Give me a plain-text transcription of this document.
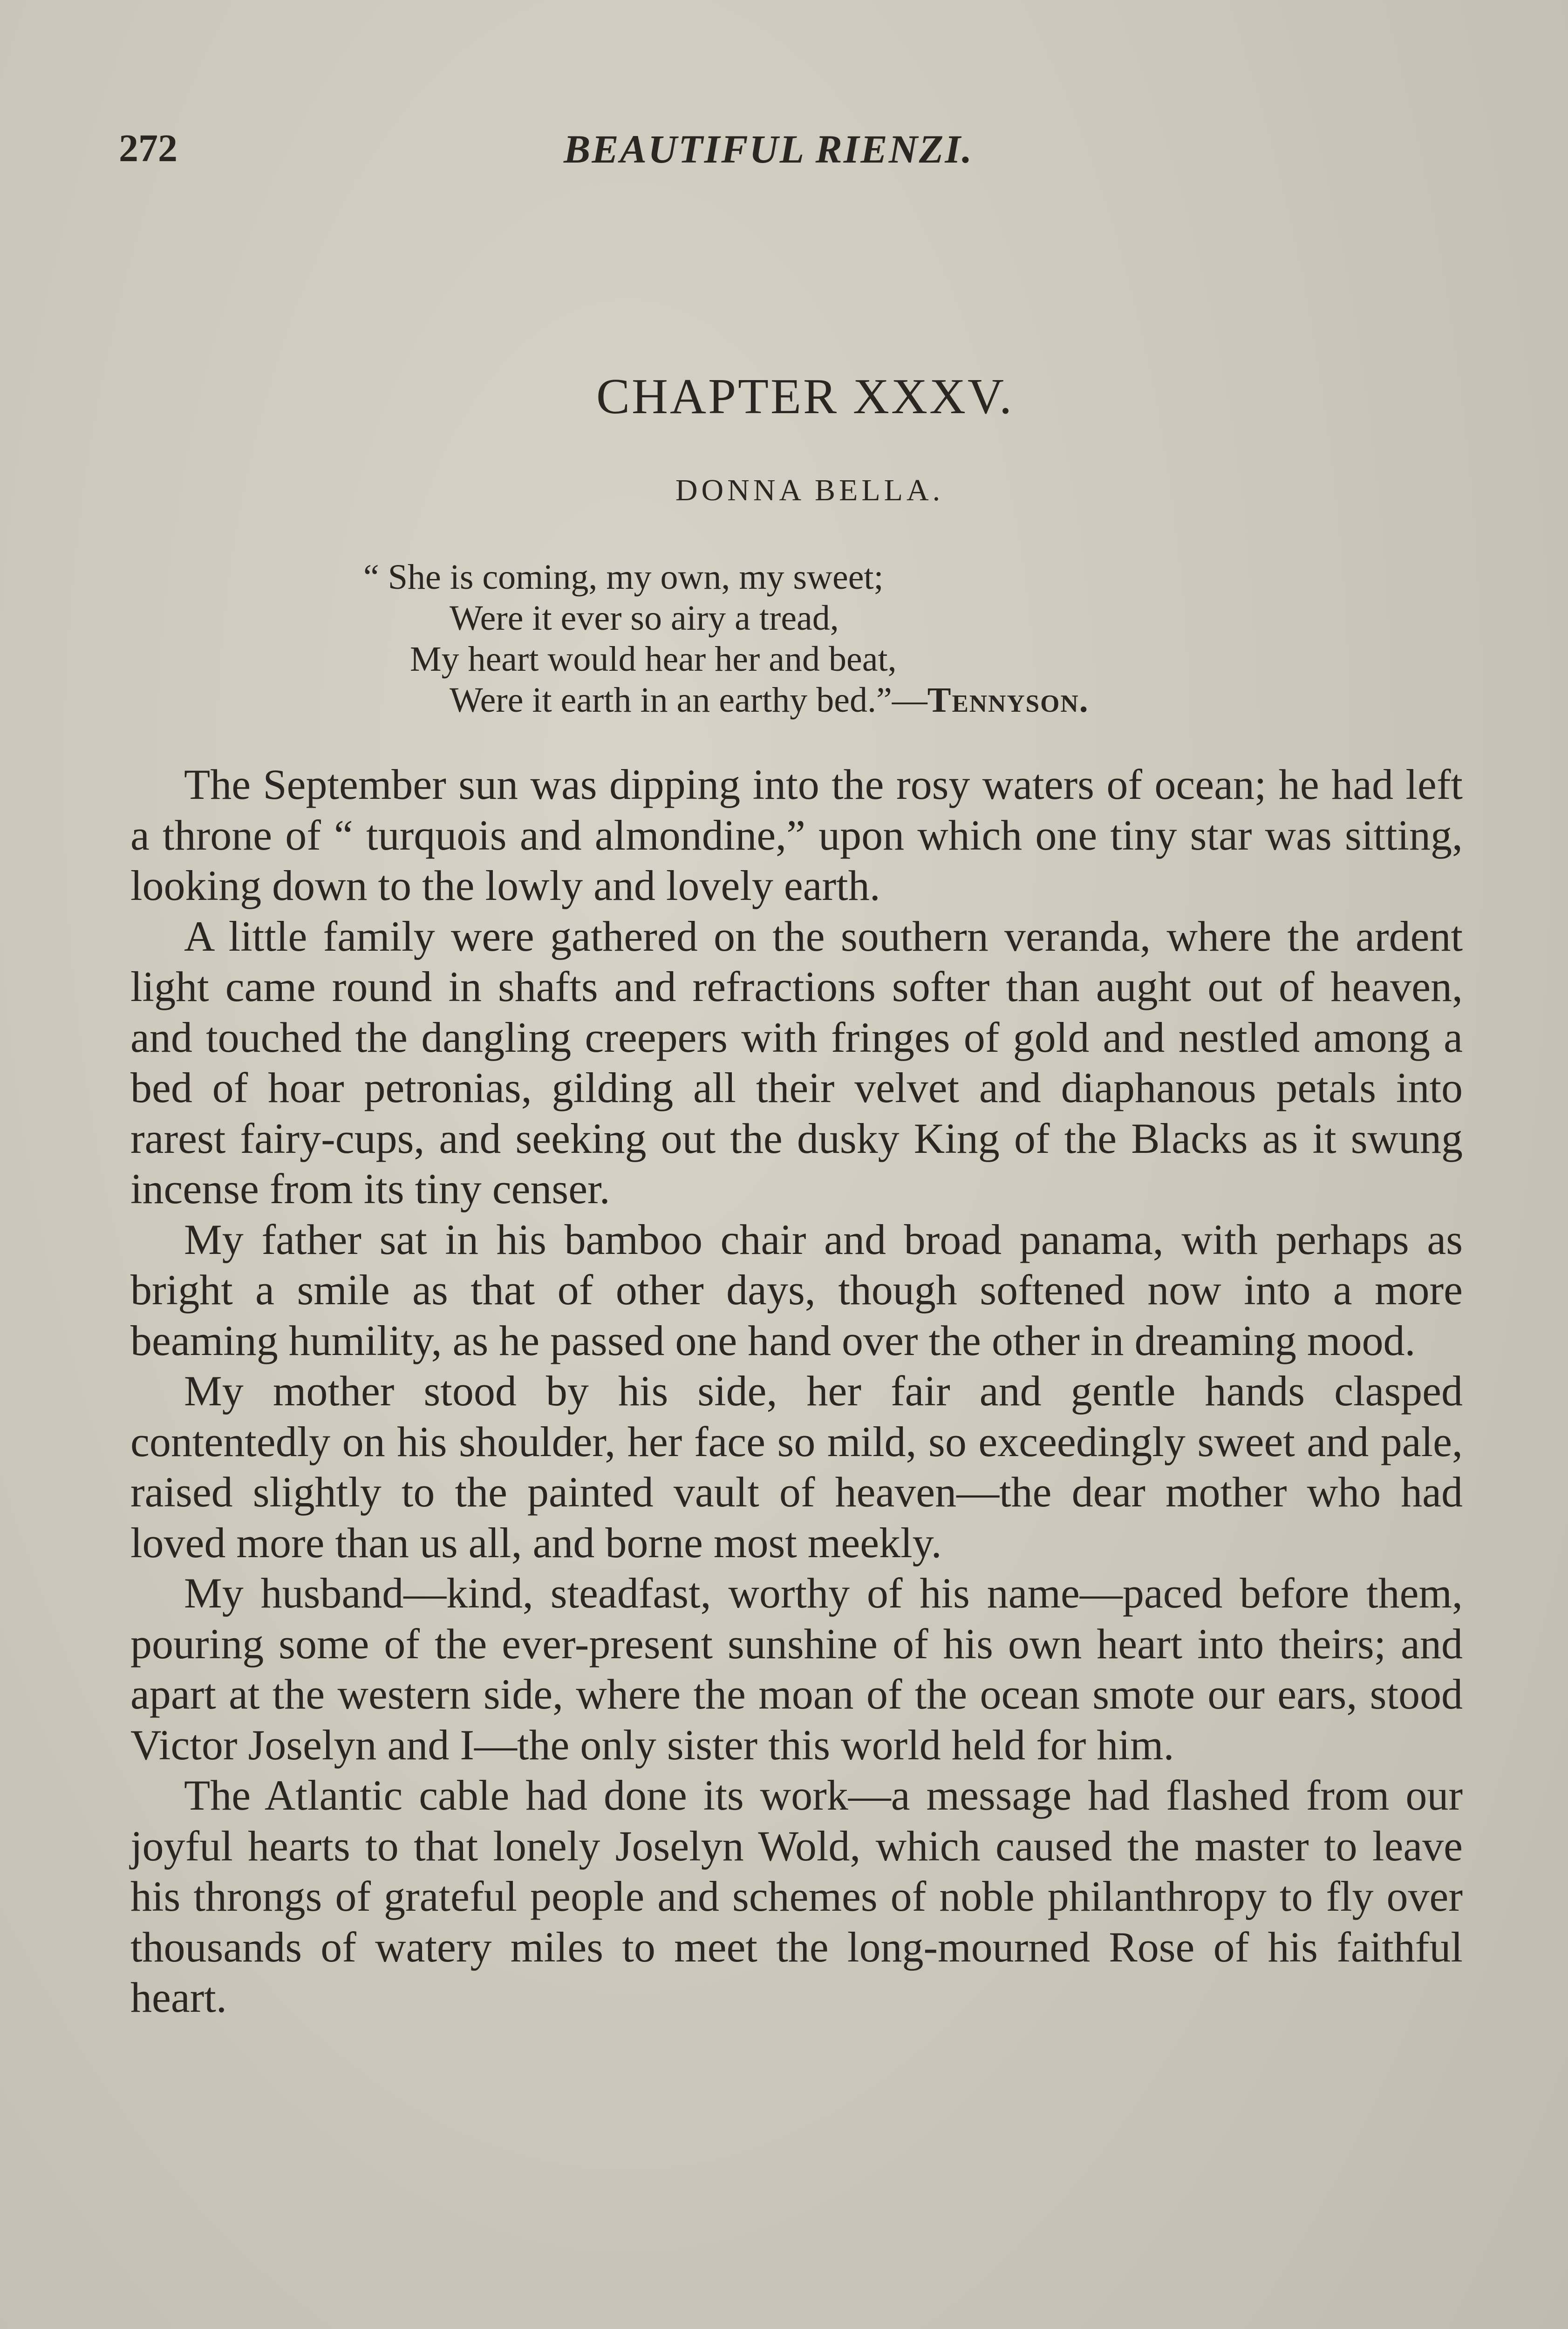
272	BEAUTIFUL RIENZI.
CHAPTER XXXV.
DONNA BELLA.
“ She is coming, my own, my sweet;
Were it ever so airy a tread,
My heart would hear her and beat,
Were it earth in an earthy bed.”—Tennyson.

The September sun was dipping into the rosy waters of ocean; he had left a throne of “ turquois and almondine,” upon which one tiny star was sitting, looking down to the lowly and lovely earth.

A little family were gathered on the southern veranda, where the ardent light came round in shafts and refractions softer than aught out of heaven, and touched the dangling creepers with fringes of gold and nestled among a bed of hoar petronias, gilding all their velvet and diaphanous petals into rarest fairy-cups, and seeking out the dusky King of the Blacks as it swung incense from its tiny censer.

My father sat in his bamboo chair and broad panama, with perhaps as bright a smile as that of other days, though softened now into a more beaming humility, as he passed one hand over the other in dreaming mood.

My mother stood by his side, her fair and gentle hands clasped contentedly on his shoulder, her face so mild, so exceedingly sweet and pale, raised slightly to the painted vault of heaven—the dear mother who had loved more than us all, and borne most meekly.

My husband—kind, steadfast, worthy of his name—paced before them, pouring some of the ever-present sunshine of his own heart into theirs; and apart at the western side, where the moan of the ocean smote our ears, stood Victor Joselyn and I—the only sister this world held for him.

The Atlantic cable had done its work—a message had flashed from our joyful hearts to that lonely Joselyn Wold, which caused the master to leave his throngs of grateful people and schemes of noble philanthropy to fly over thousands of watery miles to meet the long-mourned Rose of his faithful heart.
